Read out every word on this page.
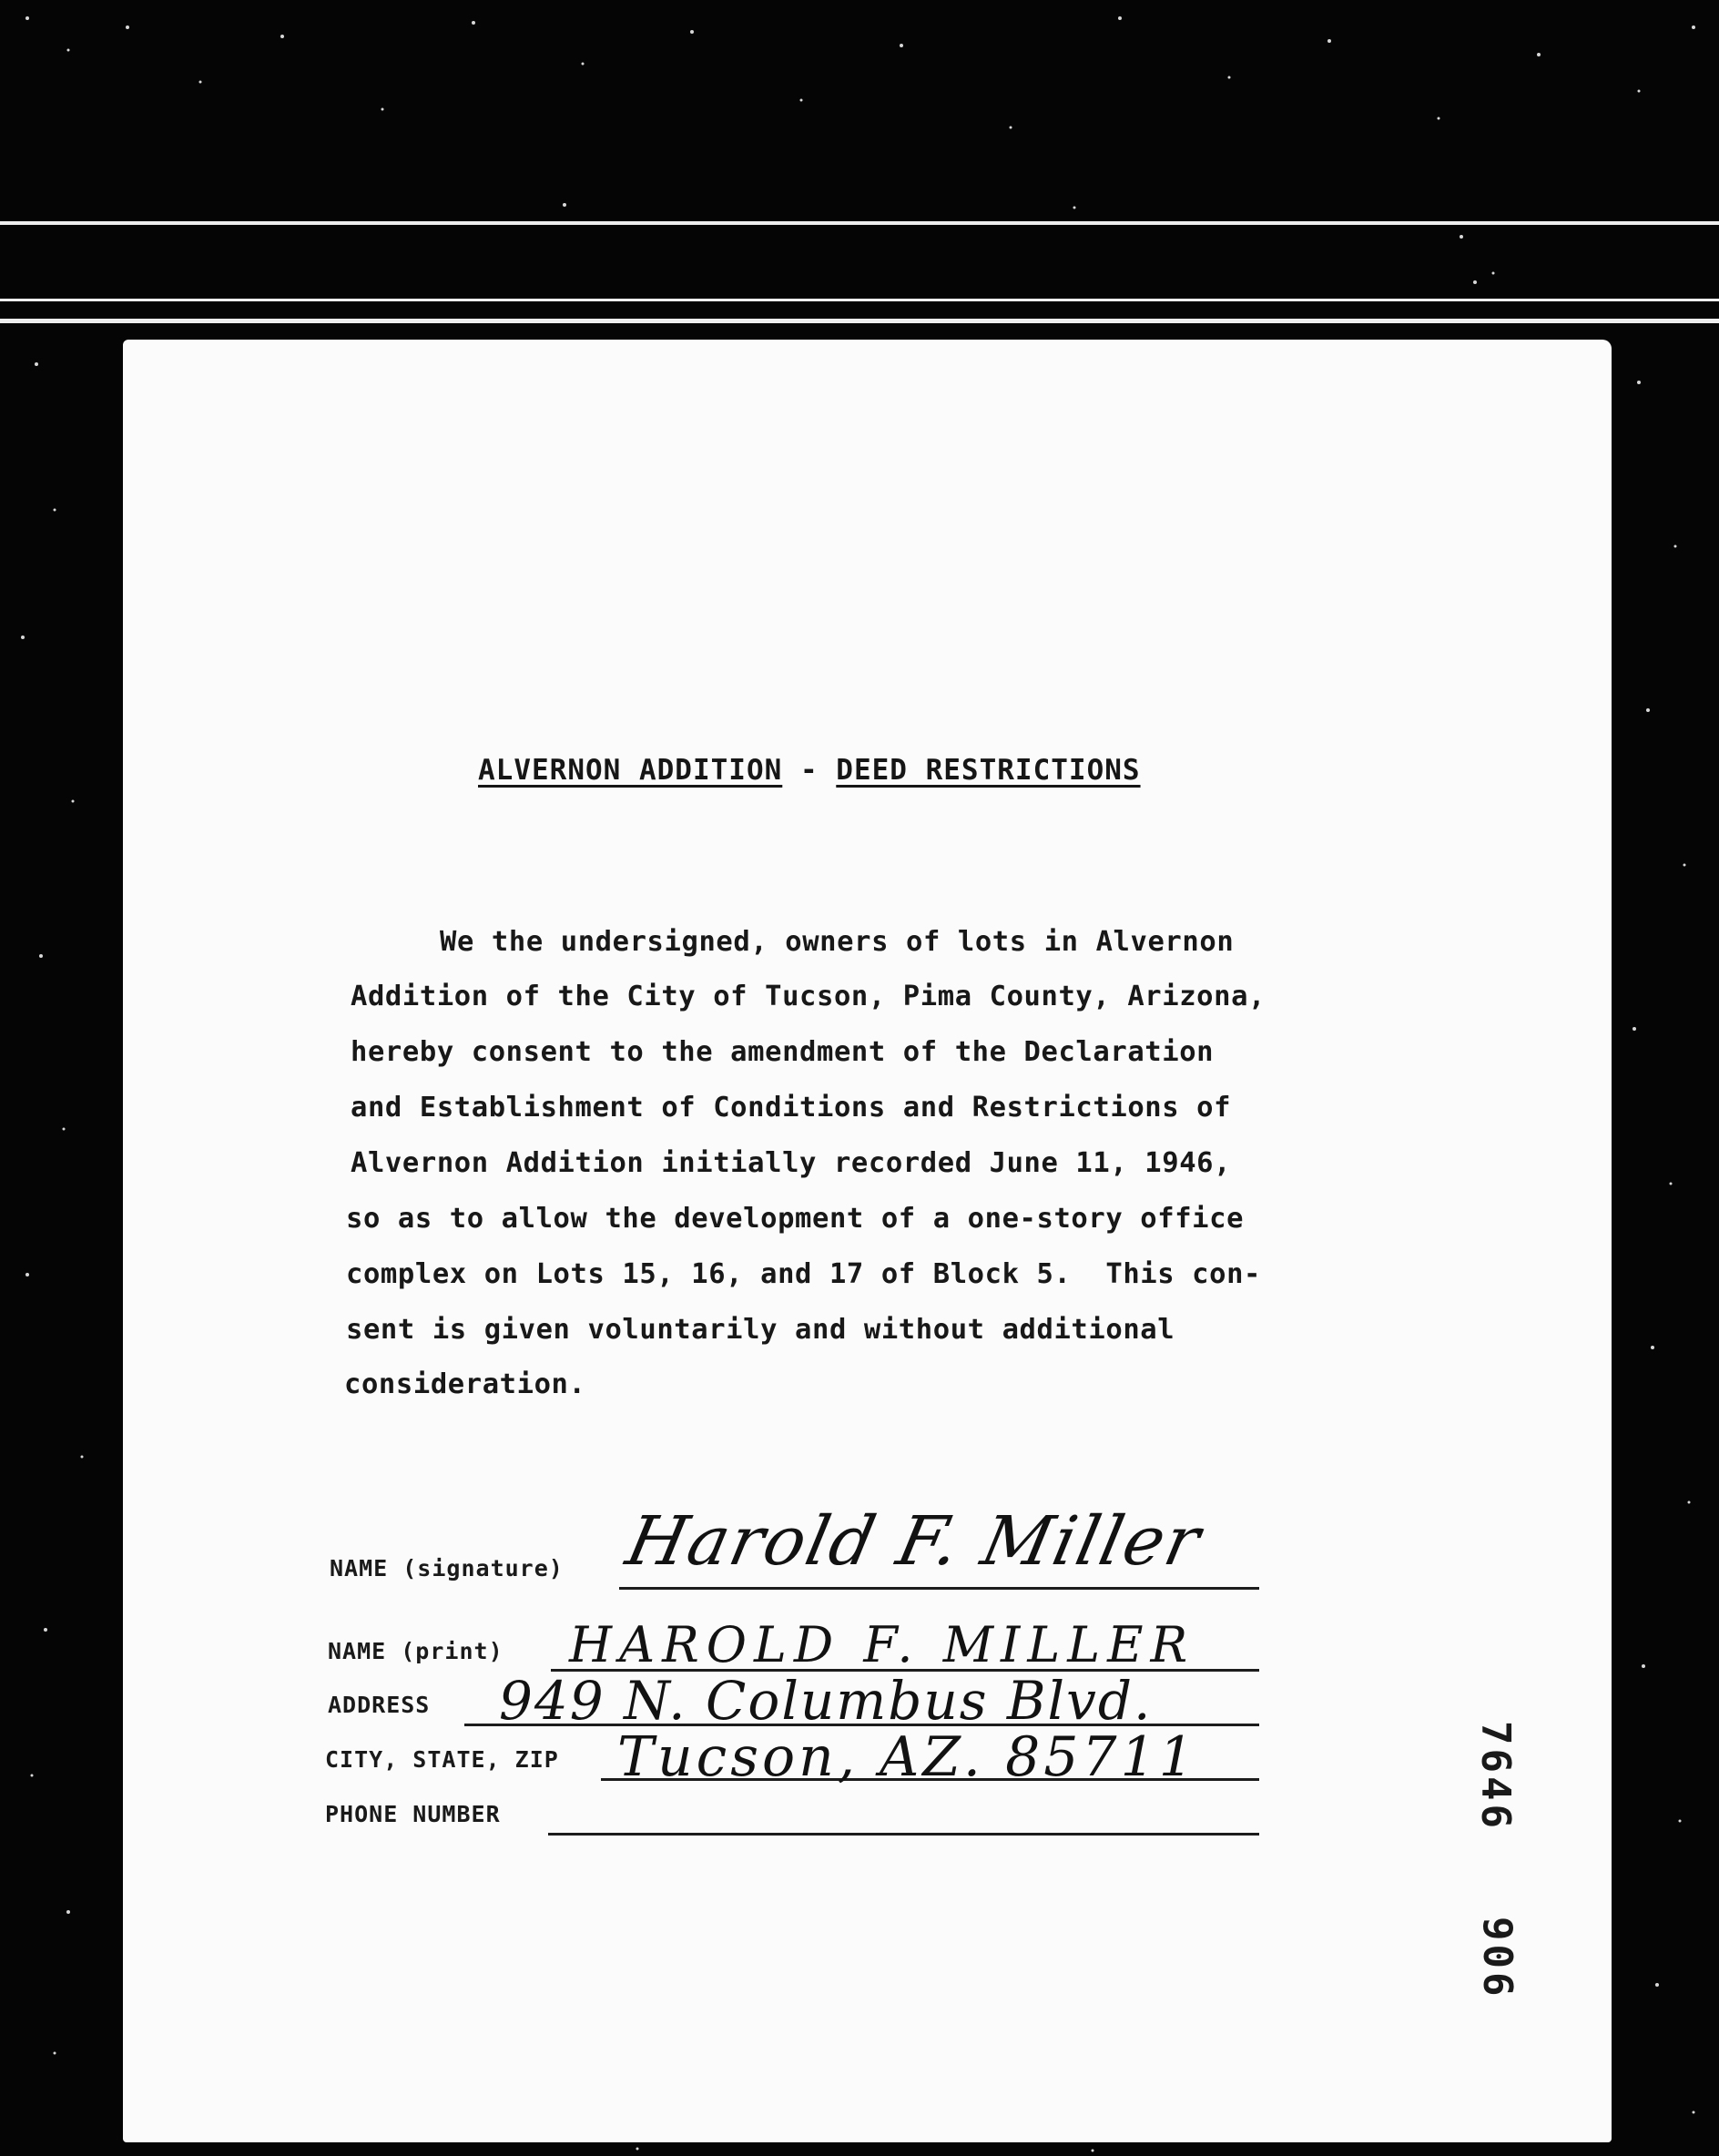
ALVERNON ADDITION - DEED RESTRICTIONS
We the undersigned, owners of lots in Alvernon
Addition of the City of Tucson, Pima County, Arizona,
hereby consent to the amendment of the Declaration
and Establishment of Conditions and Restrictions of
Alvernon Addition initially recorded June 11, 1946,
so as to allow the development of a one-story office
complex on Lots 15, 16, and 17 of Block 5.  This con-
sent is given voluntarily and without additional
consideration.
NAME (signature) Harold F. Miller
NAME (print) HAROLD F. MILLER
ADDRESS 949 N. Columbus Blvd.
CITY, STATE, ZIP Tucson, AZ. 85711
PHONE NUMBER	7646
906
